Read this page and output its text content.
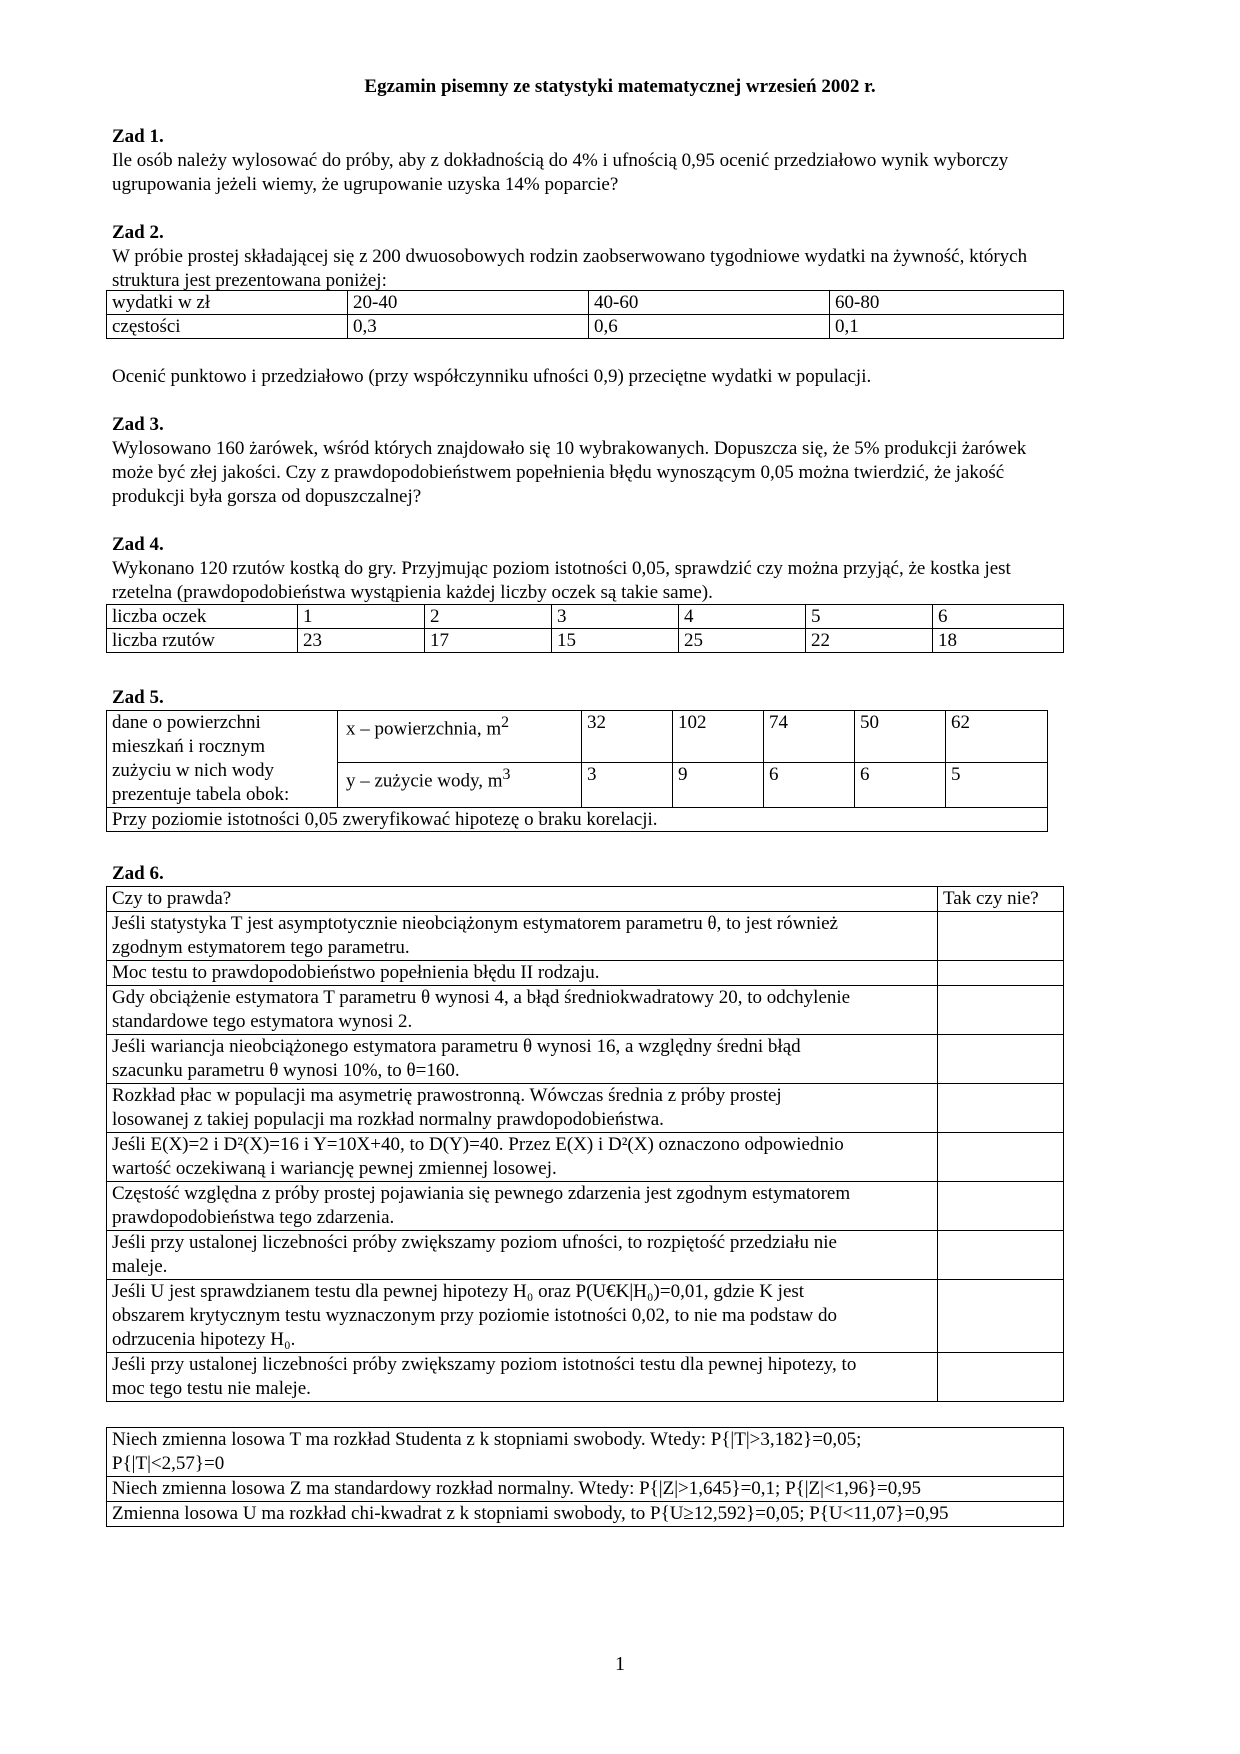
Egzamin pisemny ze statystyki matematycznej wrzesień 2002 r.
Zad 1.
Ile osób należy wylosować do próby, aby z dokładnością do 4% i ufnością 0,95 ocenić przedziałowo wynik wyborczy
ugrupowania jeżeli wiemy, że ugrupowanie uzyska 14% poparcie?
Zad 2.
W próbie prostej składającej się z 200 dwuosobowych rodzin zaobserwowano tygodniowe wydatki na żywność, których
struktura jest prezentowana poniżej:
wydatki w zł	20-40	40-60	60-80
częstości	0,3	0,6	0,1
Ocenić punktowo i przedziałowo (przy współczynniku ufności 0,9) przeciętne wydatki w populacji.
Zad 3.
Wylosowano 160 żarówek, wśród których znajdowało się 10 wybrakowanych. Dopuszcza się, że 5% produkcji żarówek
może być złej jakości. Czy z prawdopodobieństwem popełnienia błędu wynoszącym 0,05 można twierdzić, że jakość
produkcji była gorsza od dopuszczalnej?
Zad 4.
Wykonano 120 rzutów kostką do gry. Przyjmując poziom istotności 0,05, sprawdzić czy można przyjąć, że kostka jest
rzetelna (prawdopodobieństwa wystąpienia każdej liczby oczek są takie same).
liczba oczek	1	2	3	4	5	6
liczba rzutów	23	17	15	25	22	18
Zad 5.
dane o powierzchni
mieszkań i rocznym
zużyciu w nich wody
prezentuje tabela obok:	x – powierzchnia, $m^2$	32	102	74	50	62
	y – zużycie wody, $m^3$	3	9	6	6	5
Przy poziomie istotności 0,05 zweryfikować hipotezę o braku korelacji.						
Zad 6.
Czy to prawda?	Tak czy nie?

Jeśli statystyka T jest asymptotycznie nieobciążonym estymatorem parametru θ, to jest również
zgodnym estymatorem tego parametru.	

Moc testu to prawdopodobieństwo popełnienia błędu II rodzaju.	

Gdy obciążenie estymatora T parametru θ wynosi 4, a błąd średniokwadratowy 20, to odchylenie
standardowe tego estymatora wynosi 2.	

Jeśli wariancja nieobciążonego estymatora parametru θ wynosi 16, a względny średni błąd
szacunku parametru θ wynosi 10%, to θ=160.	

Rozkład płac w populacji ma asymetrię prawostronną. Wówczas średnia z próby prostej
losowanej z takiej populacji ma rozkład normalny prawdopodobieństwa.	

Jeśli E(X)=2 i D²(X)=16 i Y=10X+40, to D(Y)=40. Przez E(X) i D²(X) oznaczono odpowiednio
wartość oczekiwaną i wariancję pewnej zmiennej losowej.	

Częstość względna z próby prostej pojawiania się pewnego zdarzenia jest zgodnym estymatorem
prawdopodobieństwa tego zdarzenia.	

Jeśli przy ustalonej liczebności próby zwiększamy poziom ufności, to rozpiętość przedziału nie
maleje.	

Jeśli U jest sprawdzianem testu dla pewnej hipotezy H₀ oraz P(U€K|H₀)=0,01, gdzie K jest
obszarem krytycznym testu wyznaczonym przy poziomie istotności 0,02, to nie ma podstaw do
odrzucenia hipotezy H₀.	

Jeśli przy ustalonej liczebności próby zwiększamy poziom istotności testu dla pewnej hipotezy, to
moc tego testu nie maleje.	

Niech zmienna losowa T ma rozkład Studenta z k stopniami swobody. Wtedy: P{|T|>3,182}=0,05;
P{|T|<2,57}=0

Niech zmienna losowa Z ma standardowy rozkład normalny. Wtedy: P{|Z|>1,645}=0,1; P{|Z|<1,96}=0,95

Zmienna losowa U ma rozkład chi-kwadrat z k stopniami swobody, to P{U≥12,592}=0,05; P{U<11,07}=0,95
1
